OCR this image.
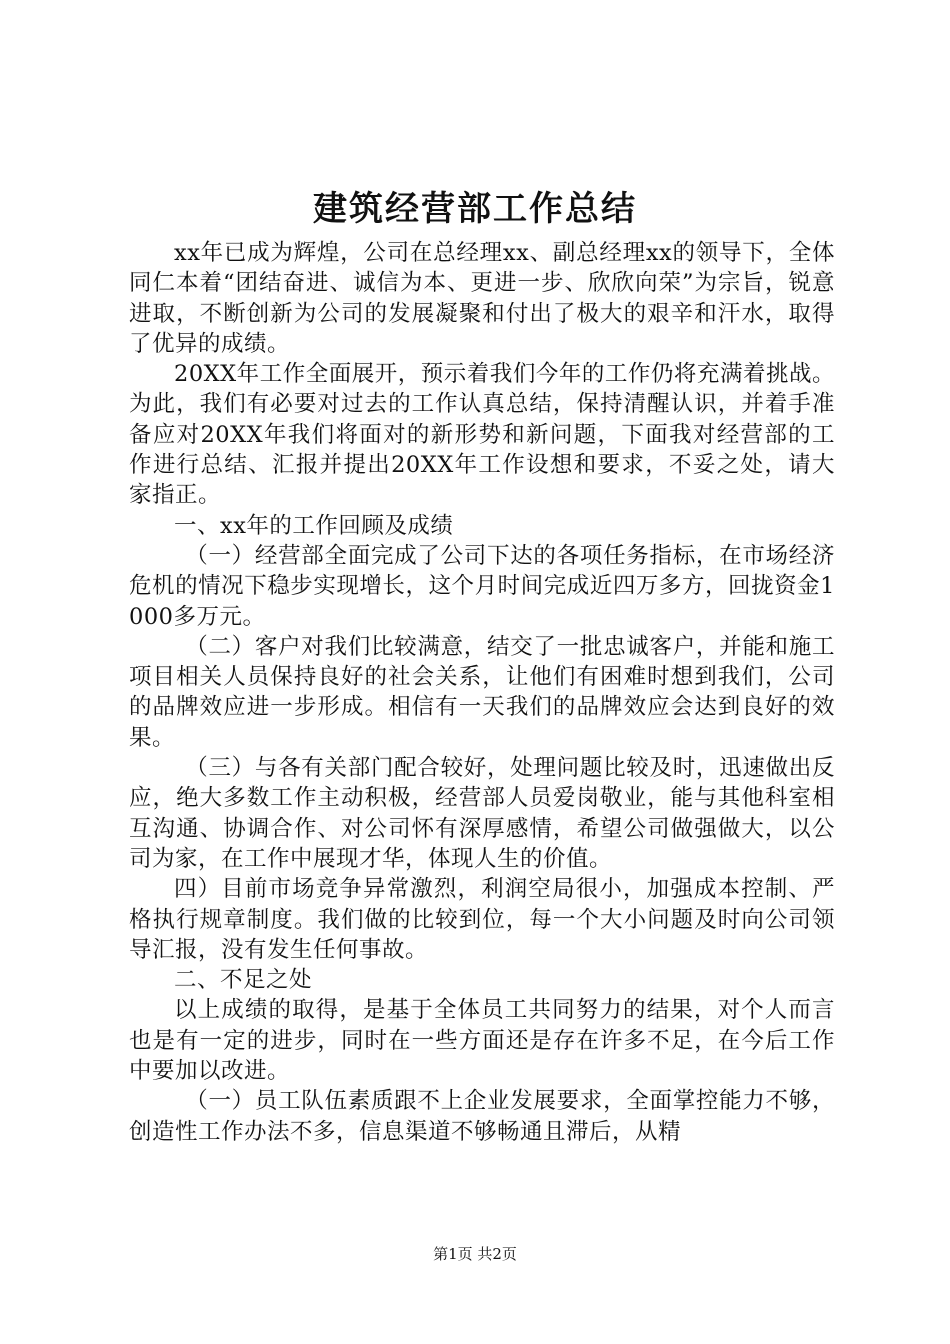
建筑经营部工作总结

xx年已成为辉煌，公司在总经理xx、副总经理xx的领导下，全体同仁本着“团结奋进、诚信为本、更进一步、欣欣向荣”为宗旨，锐意进取，不断创新为公司的发展凝聚和付出了极大的艰辛和汗水，取得了优异的成绩。

20XX年工作全面展开，预示着我们今年的工作仍将充满着挑战。为此，我们有必要对过去的工作认真总结，保持清醒认识，并着手准备应对20XX年我们将面对的新形势和新问题，下面我对经营部的工作进行总结、汇报并提出20XX年工作设想和要求，不妥之处，请大家指正。

一、xx年的工作回顾及成绩

（一）经营部全面完成了公司下达的各项任务指标，在市场经济危机的情况下稳步实现增长，这个月时间完成近四万多方，回拢资金1000多万元。

（二）客户对我们比较满意，结交了一批忠诚客户，并能和施工项目相关人员保持良好的社会关系，让他们有困难时想到我们，公司的品牌效应进一步形成。相信有一天我们的品牌效应会达到良好的效果。

（三）与各有关部门配合较好，处理问题比较及时，迅速做出反应，绝大多数工作主动积极，经营部人员爱岗敬业，能与其他科室相互沟通、协调合作、对公司怀有深厚感情，希望公司做强做大，以公司为家，在工作中展现才华，体现人生的价值。

四）目前市场竞争异常激烈，利润空局很小，加强成本控制、严格执行规章制度。我们做的比较到位，每一个大小问题及时向公司领导汇报，没有发生任何事故。

二、不足之处

以上成绩的取得，是基于全体员工共同努力的结果，对个人而言也是有一定的进步，同时在一些方面还是存在许多不足，在今后工作中要加以改进。

（一）员工队伍素质跟不上企业发展要求，全面掌控能力不够，创造性工作办法不多，信息渠道不够畅通且滞后，从精

第1页 共2页
